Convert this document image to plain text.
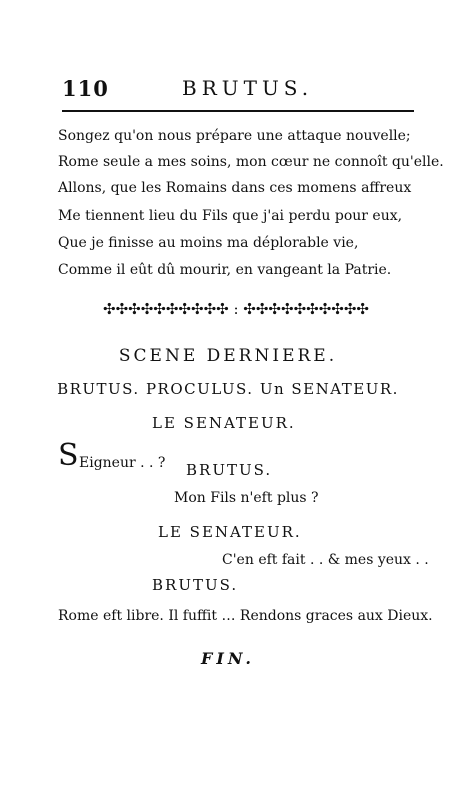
110	BRUTUS.
Songez qu'on nous prépare une attaque nouvelle;
Rome seule a mes soins, mon cœur ne connoît qu'elle.
Allons, que les Romains dans ces momens affreux
Me tiennent lieu du Fils que j'ai perdu pour eux,
Que je finisse au moins ma déplorable vie,
Comme il eût dû mourir, en vangeant la Patrie.
✣✣✣✣✣✣✣✣✣✣ : ✣✣✣✣✣✣✣✣✣✣
SCENE DERNIERE.
BRUTUS. PROCULUS. Un SENATEUR.
LE SENATEUR.
S Eigneur . . ? BRUTUS.
Mon Fils n'eft plus ?
LE SENATEUR.
C'en eft fait . . & mes yeux . .
BRUTUS.
Rome eft libre. Il fuffit … Rendons graces aux Dieux.
FIN.
